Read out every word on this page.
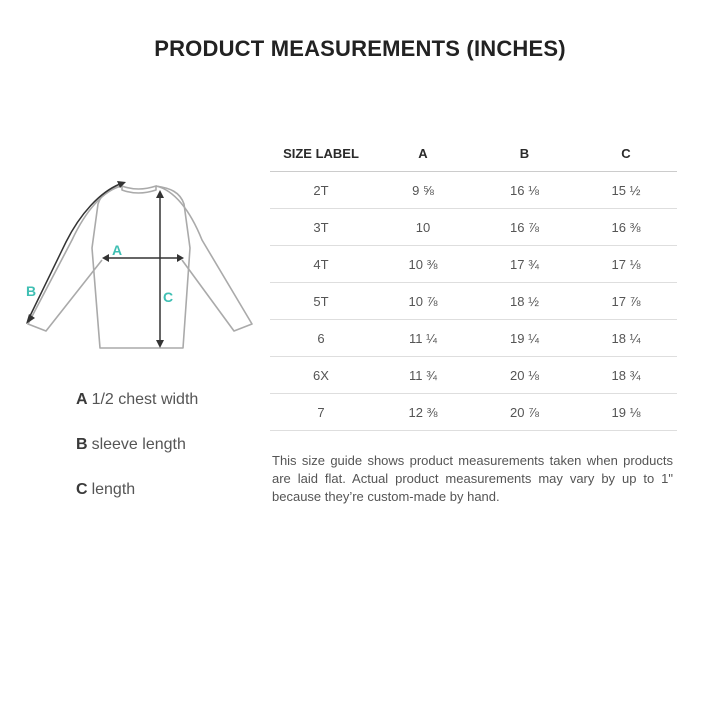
PRODUCT MEASUREMENTS (INCHES)
A
B	C
A 1/2 chest width
B sleeve length
C length
SIZE LABEL	A	B	C
2T	9 ⅝	16 ⅛	15 ½
3T	10	16 ⅞	16 ⅜
4T	10 ⅜	17 ¾	17 ⅛
5T	10 ⅞	18 ½	17 ⅞
6	11 ¼	19 ¼	18 ¼
6X	11 ¾	20 ⅛	18 ¾
7	12 ⅜	20 ⅞	19 ⅛
This size guide shows product measurements taken when products are laid flat. Actual product measurements may vary by up to 1" because they’re custom-made by hand.
